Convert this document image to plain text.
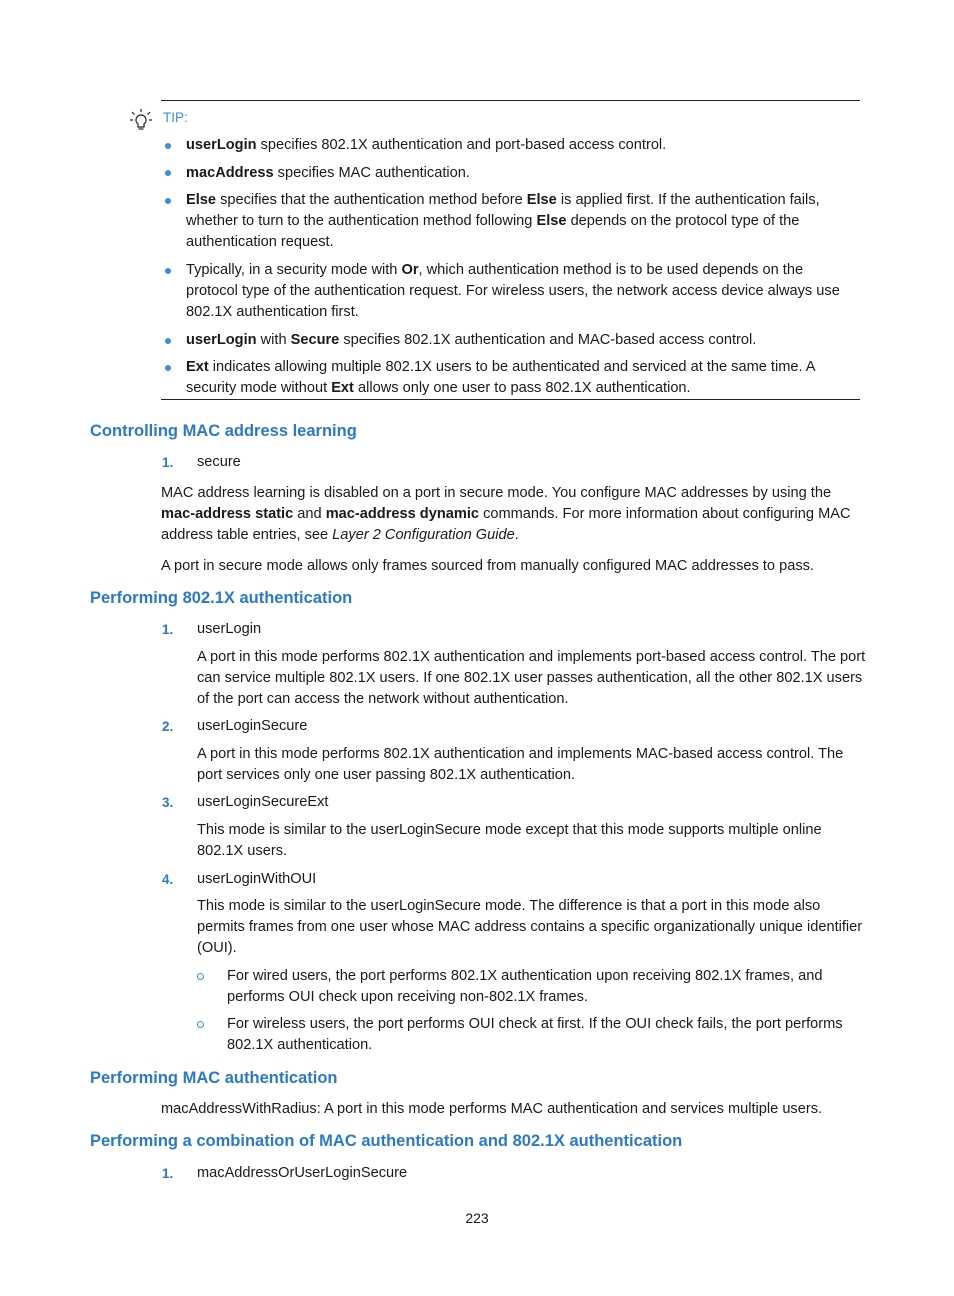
TIP:
userLogin specifies 802.1X authentication and port-based access control.
macAddress specifies MAC authentication.
Else specifies that the authentication method before Else is applied first. If the authentication fails, whether to turn to the authentication method following Else depends on the protocol type of the authentication request.
Typically, in a security mode with Or, which authentication method is to be used depends on the protocol type of the authentication request. For wireless users, the network access device always use 802.1X authentication first.
userLogin with Secure specifies 802.1X authentication and MAC-based access control.
Ext indicates allowing multiple 802.1X users to be authenticated and serviced at the same time. A security mode without Ext allows only one user to pass 802.1X authentication.
Controlling MAC address learning
1. secure
MAC address learning is disabled on a port in secure mode. You configure MAC addresses by using the mac-address static and mac-address dynamic commands. For more information about configuring MAC address table entries, see Layer 2 Configuration Guide.
A port in secure mode allows only frames sourced from manually configured MAC addresses to pass.
Performing 802.1X authentication
1. userLogin
A port in this mode performs 802.1X authentication and implements port-based access control. The port can service multiple 802.1X users. If one 802.1X user passes authentication, all the other 802.1X users of the port can access the network without authentication.
2. userLoginSecure
A port in this mode performs 802.1X authentication and implements MAC-based access control. The port services only one user passing 802.1X authentication.
3. userLoginSecureExt
This mode is similar to the userLoginSecure mode except that this mode supports multiple online 802.1X users.
4. userLoginWithOUI
This mode is similar to the userLoginSecure mode. The difference is that a port in this mode also permits frames from one user whose MAC address contains a specific organizationally unique identifier (OUI).
For wired users, the port performs 802.1X authentication upon receiving 802.1X frames, and performs OUI check upon receiving non-802.1X frames.
For wireless users, the port performs OUI check at first. If the OUI check fails, the port performs 802.1X authentication.
Performing MAC authentication
macAddressWithRadius: A port in this mode performs MAC authentication and services multiple users.
Performing a combination of MAC authentication and 802.1X authentication
1. macAddressOrUserLoginSecure
223
